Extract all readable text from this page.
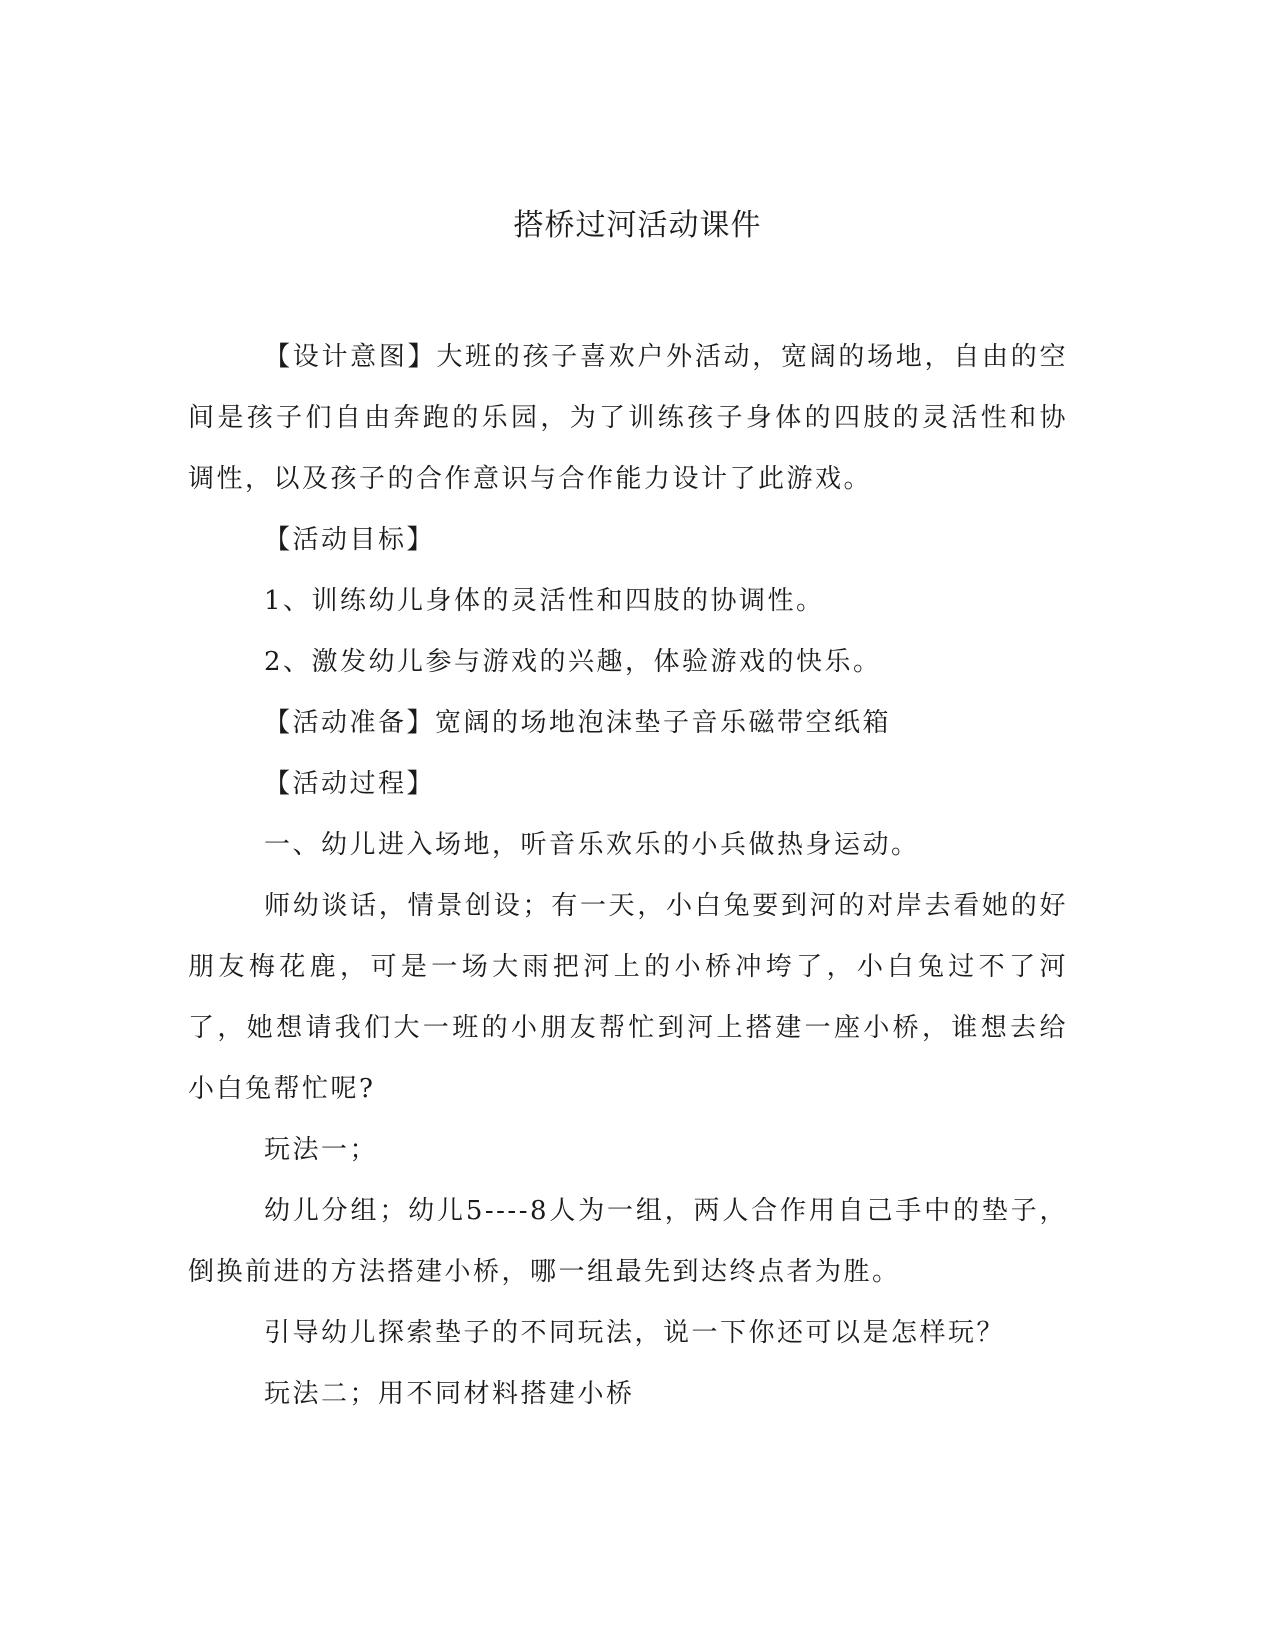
搭桥过河活动课件

【设计意图】大班的孩子喜欢户外活动，宽阔的场地，自由的空间是孩子们自由奔跑的乐园，为了训练孩子身体的四肢的灵活性和协调性，以及孩子的合作意识与合作能力设计了此游戏。

【活动目标】

1、训练幼儿身体的灵活性和四肢的协调性。

2、激发幼儿参与游戏的兴趣，体验游戏的快乐。

【活动准备】宽阔的场地泡沫垫子音乐磁带空纸箱

【活动过程】

一、幼儿进入场地，听音乐欢乐的小兵做热身运动。

师幼谈话，情景创设；有一天，小白兔要到河的对岸去看她的好朋友梅花鹿，可是一场大雨把河上的小桥冲垮了，小白兔过不了河了，她想请我们大一班的小朋友帮忙到河上搭建一座小桥，谁想去给小白兔帮忙呢?

玩法一；

幼儿分组；幼儿5----8人为一组，两人合作用自己手中的垫子，倒换前进的方法搭建小桥，哪一组最先到达终点者为胜。

引导幼儿探索垫子的不同玩法，说一下你还可以是怎样玩？

玩法二；用不同材料搭建小桥
